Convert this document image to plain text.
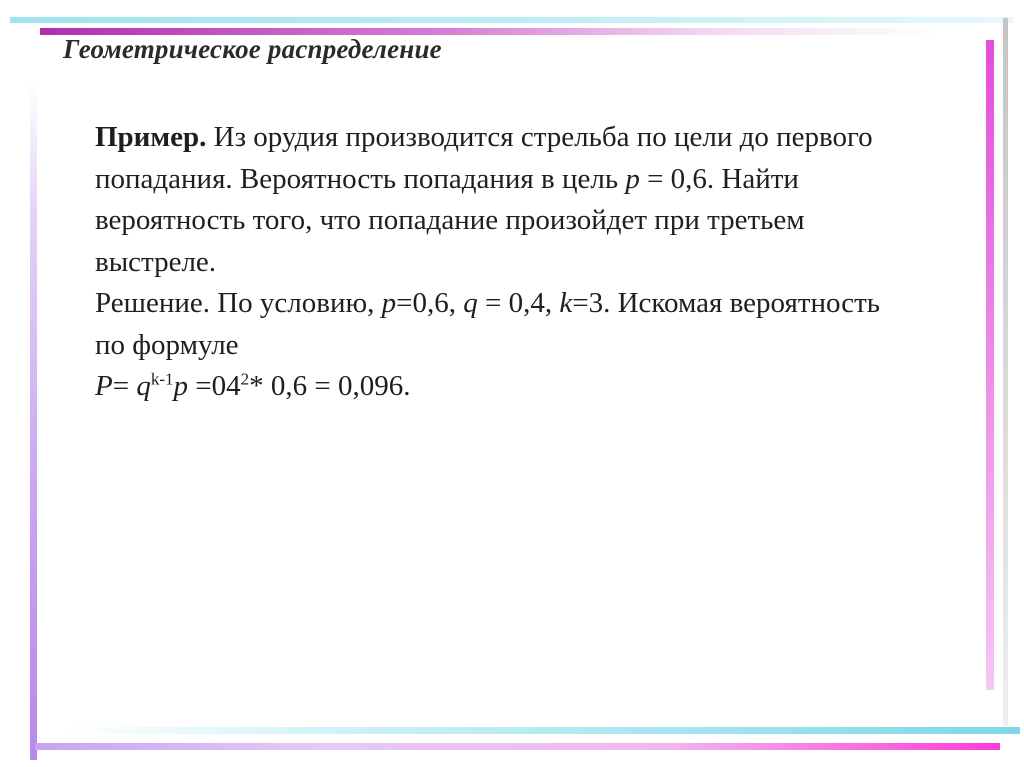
Геометрическое распределение

Пример. Из орудия производится стрельба по цели до первого попадания. Вероятность попадания в цель p = 0,6. Найти вероятность того, что попадание произойдет при третьем выстреле.

Решение. По условию, p=0,6, q = 0,4, k=3. Искомая вероятность по формуле

$P= q^{k-1}p =04^2*$ 0,6 = 0,096.
